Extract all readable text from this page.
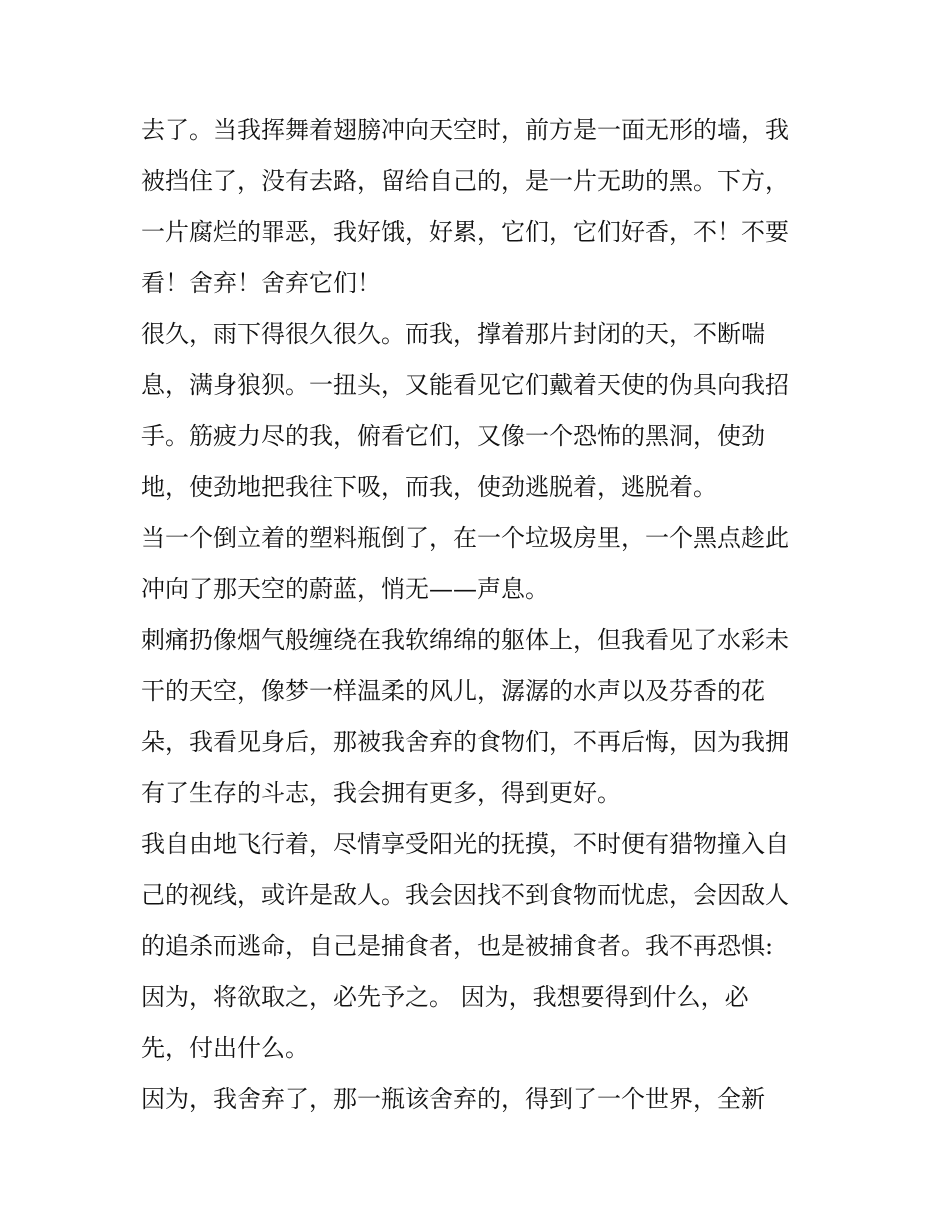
去了。当我挥舞着翅膀冲向天空时，前方是一面无形的墙，我
被挡住了，没有去路，留给自己的，是一片无助的黑。下方，
一片腐烂的罪恶，我好饿，好累，它们，它们好香，不！不要
看！舍弃！舍弃它们！
很久，雨下得很久很久。而我，撑着那片封闭的天，不断喘
息，满身狼狈。一扭头，又能看见它们戴着天使的伪具向我招
手。筋疲力尽的我，俯看它们，又像一个恐怖的黑洞，使劲
地，使劲地把我往下吸，而我，使劲逃脱着，逃脱着。
当一个倒立着的塑料瓶倒了，在一个垃圾房里，一个黑点趁此
冲向了那天空的蔚蓝，悄无——声息。
刺痛扔像烟气般缠绕在我软绵绵的躯体上，但我看见了水彩未
干的天空，像梦一样温柔的风儿，潺潺的水声以及芬香的花
朵，我看见身后，那被我舍弃的食物们，不再后悔，因为我拥
有了生存的斗志，我会拥有更多，得到更好。
我自由地飞行着，尽情享受阳光的抚摸，不时便有猎物撞入自
己的视线，或许是敌人。我会因找不到食物而忧虑，会因敌人
的追杀而逃命，自己是捕食者，也是被捕食者。我不再恐惧:
因为，将欲取之，必先予之。 因为，我想要得到什么，必
先，付出什么。
因为，我舍弃了，那一瓶该舍弃的，得到了一个世界，全新
